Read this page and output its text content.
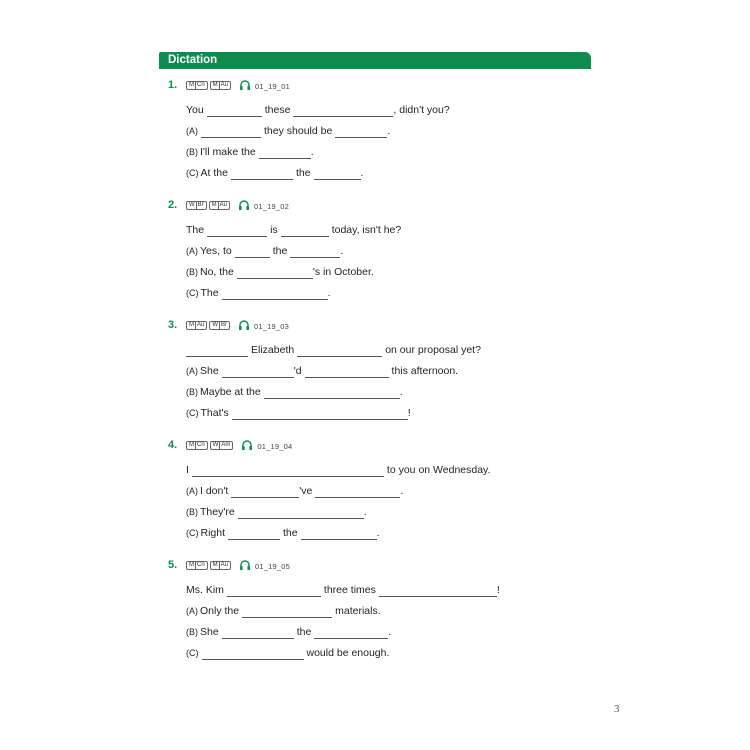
Dictation
1.	M Cn M Au	01_19_01
You	these	, didn't you?
(A)	they should be	.
(B) I'll make the	.
(C) At the	the	.
2.	W Br M Au	01_19_02
The	is	today, isn't he?
(A) Yes, to	the	.
(B) No, the	's in October.
(C) The	.
3.	M Au W Br	01_19_03
Elizabeth	on our proposal yet?
(A) She	'd	this afternoon.
(B) Maybe at the	.
(C) That's	!
4.	M Cn W Am	01_19_04
I	to you on Wednesday.
(A) I don't	've	.
(B) They're	.
(C) Right	the	.
5.	M Cn M Au	01_19_05
Ms. Kim	three times	!
(A) Only the	materials.
(B) She	the	.
(C)	would be enough.
3
